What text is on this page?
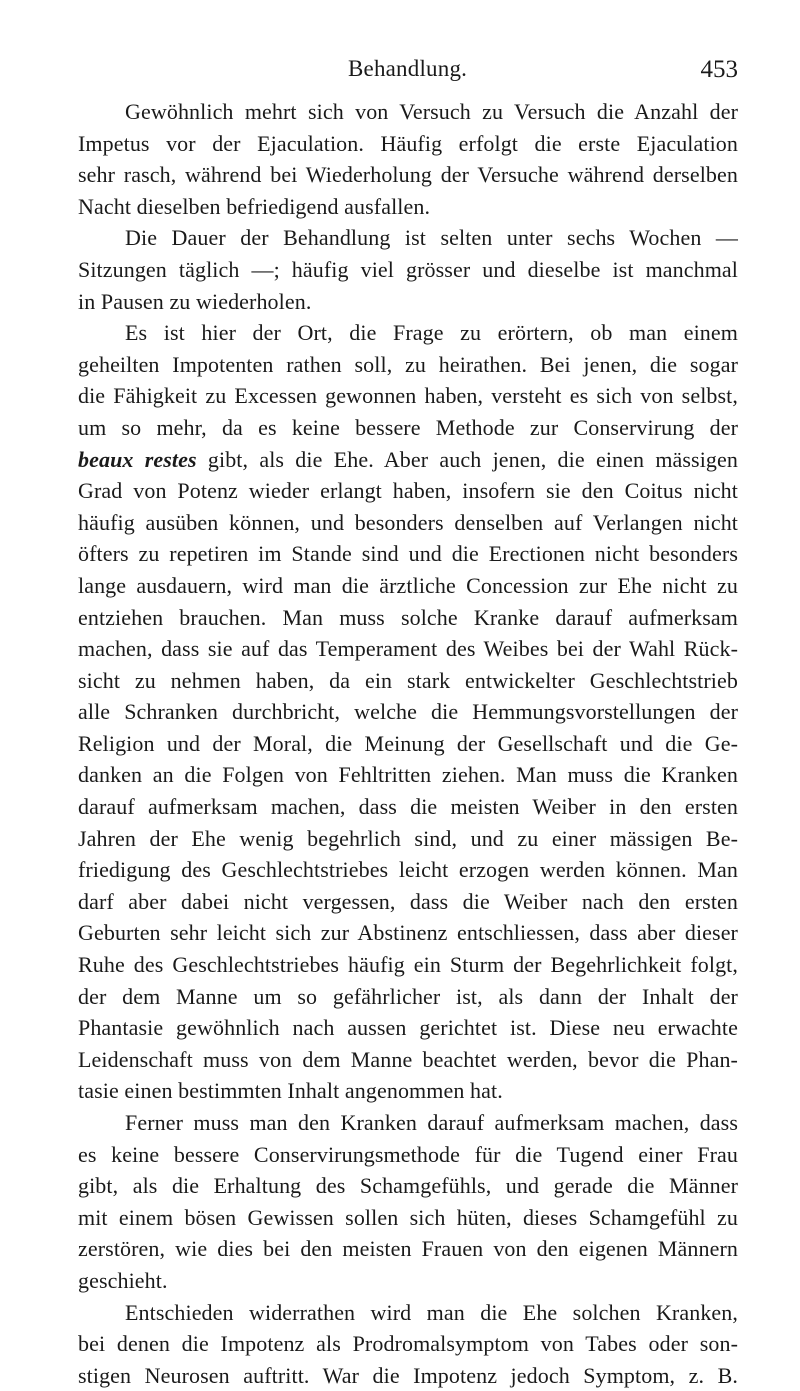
Behandlung.	453

Gewöhnlich mehrt sich von Versuch zu Versuch die Anzahl der
Impetus vor der Ejaculation. Häufig erfolgt die erste Ejaculation
sehr rasch, während bei Wiederholung der Versuche während derselben
Nacht dieselben befriedigend ausfallen.

Die Dauer der Behandlung ist selten unter sechs Wochen —
Sitzungen täglich —; häufig viel grösser und dieselbe ist manchmal
in Pausen zu wiederholen.

Es ist hier der Ort, die Frage zu erörtern, ob man einem
geheilten Impotenten rathen soll, zu heirathen. Bei jenen, die sogar
die Fähigkeit zu Excessen gewonnen haben, versteht es sich von selbst,
um so mehr, da es keine bessere Methode zur Conservirung der
beaux restes gibt, als die Ehe. Aber auch jenen, die einen mässigen
Grad von Potenz wieder erlangt haben, insofern sie den Coitus nicht
häufig ausüben können, und besonders denselben auf Verlangen nicht
öfters zu repetiren im Stande sind und die Erectionen nicht besonders
lange ausdauern, wird man die ärztliche Concession zur Ehe nicht zu
entziehen brauchen. Man muss solche Kranke darauf aufmerksam
machen, dass sie auf das Temperament des Weibes bei der Wahl Rück-
sicht zu nehmen haben, da ein stark entwickelter Geschlechtstrieb
alle Schranken durchbricht, welche die Hemmungsvorstellungen der
Religion und der Moral, die Meinung der Gesellschaft und die Ge-
danken an die Folgen von Fehltritten ziehen. Man muss die Kranken
darauf aufmerksam machen, dass die meisten Weiber in den ersten
Jahren der Ehe wenig begehrlich sind, und zu einer mässigen Be-
friedigung des Geschlechtstriebes leicht erzogen werden können. Man
darf aber dabei nicht vergessen, dass die Weiber nach den ersten
Geburten sehr leicht sich zur Abstinenz entschliessen, dass aber dieser
Ruhe des Geschlechtstriebes häufig ein Sturm der Begehrlichkeit folgt,
der dem Manne um so gefährlicher ist, als dann der Inhalt der
Phantasie gewöhnlich nach aussen gerichtet ist. Diese neu erwachte
Leidenschaft muss von dem Manne beachtet werden, bevor die Phan-
tasie einen bestimmten Inhalt angenommen hat.

Ferner muss man den Kranken darauf aufmerksam machen, dass
es keine bessere Conservirungsmethode für die Tugend einer Frau
gibt, als die Erhaltung des Schamgefühls, und gerade die Männer
mit einem bösen Gewissen sollen sich hüten, dieses Schamgefühl zu
zerstören, wie dies bei den meisten Frauen von den eigenen Männern
geschieht.

Entschieden widerrathen wird man die Ehe solchen Kranken,
bei denen die Impotenz als Prodromalsymptom von Tabes oder son-
stigen Neurosen auftritt. War die Impotenz jedoch Symptom, z. B.
